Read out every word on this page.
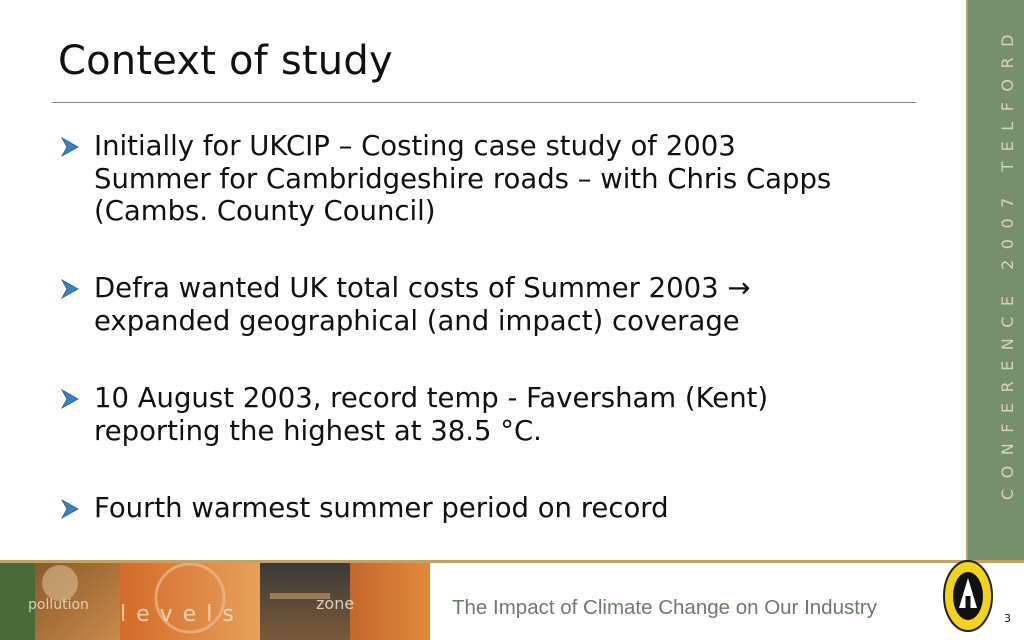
Context of study
Initially for UKCIP – Costing case study of 2003
Summer for Cambridgeshire roads – with Chris Capps
(Cambs. County Council)
Defra wanted UK total costs of Summer 2003 →
expanded geographical (and impact) coverage
10 August 2003, record temp - Faversham (Kent)
reporting the highest at 38.5 °C.
Fourth warmest summer period on record
CONFERENCE 2007 TELFORD
pollution levels	zone	The Impact of Climate Change on Our Industry	3
